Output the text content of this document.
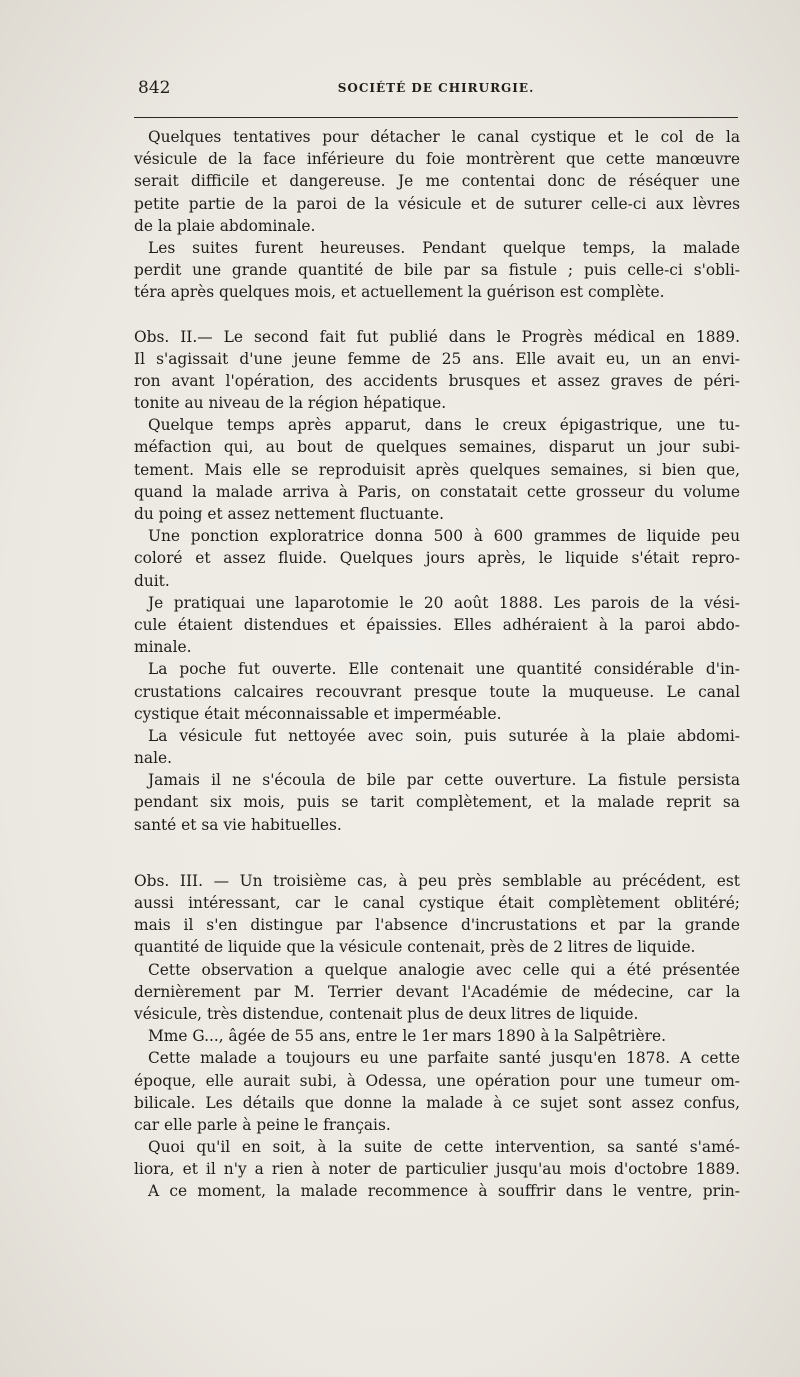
842	SOCIÉTÉ DE CHIRURGIE.
Quelques tentatives pour détacher le canal cystique et le col de la
vésicule de la face inférieure du foie montrèrent que cette manœuvre
serait difficile et dangereuse. Je me contentai donc de réséquer une
petite partie de la paroi de la vésicule et de suturer celle-ci aux lèvres
de la plaie abdominale.
Les suites furent heureuses. Pendant quelque temps, la malade
perdit une grande quantité de bile par sa fistule ; puis celle-ci s'obli-
téra après quelques mois, et actuellement la guérison est complète.
Obs. II.— Le second fait fut publié dans le Progrès médical en 1889.
Il s'agissait d'une jeune femme de 25 ans. Elle avait eu, un an envi-
ron avant l'opération, des accidents brusques et assez graves de péri-
tonite au niveau de la région hépatique.
Quelque temps après apparut, dans le creux épigastrique, une tu-
méfaction qui, au bout de quelques semaines, disparut un jour subi-
tement. Mais elle se reproduisit après quelques semaines, si bien que,
quand la malade arriva à Paris, on constatait cette grosseur du volume
du poing et assez nettement fluctuante.
Une ponction exploratrice donna 500 à 600 grammes de liquide peu
coloré et assez fluide. Quelques jours après, le liquide s'était repro-
duit.
Je pratiquai une laparotomie le 20 août 1888. Les parois de la vési-
cule étaient distendues et épaissies. Elles adhéraient à la paroi abdo-
minale.
La poche fut ouverte. Elle contenait une quantité considérable d'in-
crustations calcaires recouvrant presque toute la muqueuse. Le canal
cystique était méconnaissable et imperméable.
La vésicule fut nettoyée avec soin, puis suturée à la plaie abdomi-
nale.
Jamais il ne s'écoula de bile par cette ouverture. La fistule persista
pendant six mois, puis se tarit complètement, et la malade reprit sa
santé et sa vie habituelles.
Obs. III. — Un troisième cas, à peu près semblable au précédent, est
aussi intéressant, car le canal cystique était complètement oblitéré;
mais il s'en distingue par l'absence d'incrustations et par la grande
quantité de liquide que la vésicule contenait, près de 2 litres de liquide.
Cette observation a quelque analogie avec celle qui a été présentée
dernièrement par M. Terrier devant l'Académie de médecine, car la
vésicule, très distendue, contenait plus de deux litres de liquide.
Mme G..., âgée de 55 ans, entre le 1er mars 1890 à la Salpêtrière.
Cette malade a toujours eu une parfaite santé jusqu'en 1878. A cette
époque, elle aurait subi, à Odessa, une opération pour une tumeur om-
bilicale. Les détails que donne la malade à ce sujet sont assez confus,
car elle parle à peine le français.
Quoi qu'il en soit, à la suite de cette intervention, sa santé s'amé-
liora, et il n'y a rien à noter de particulier jusqu'au mois d'octobre 1889.
A ce moment, la malade recommence à souffrir dans le ventre, prin-
